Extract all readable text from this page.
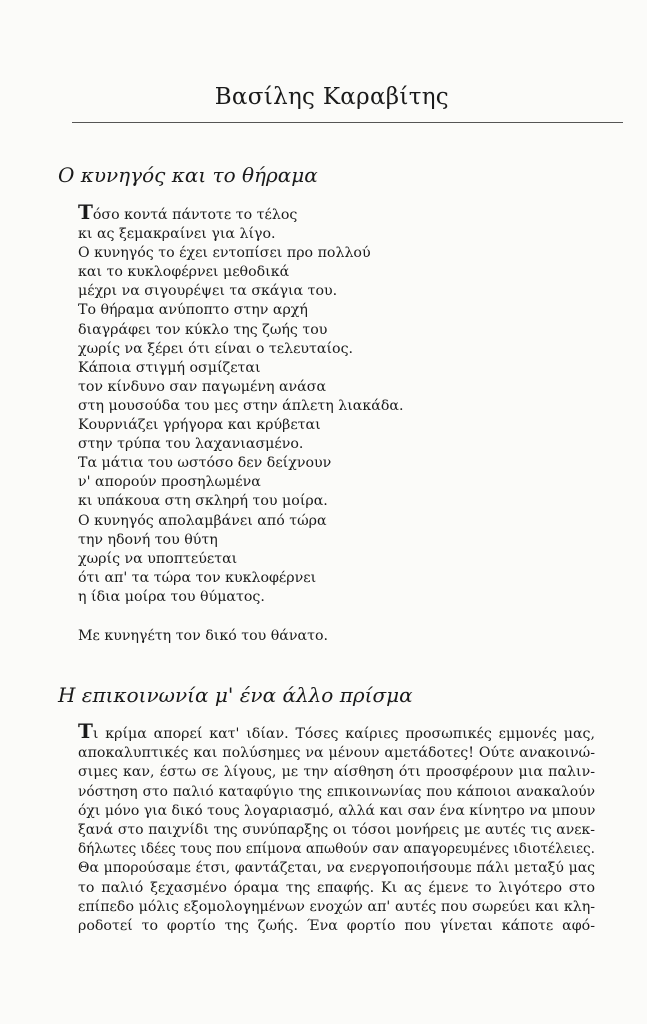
Βασίλης Καραβίτης
Ο κυνηγός και το θήραμα
Τόσο κοντά πάντοτε το τέλος
κι ας ξεμακραίνει για λίγο.
Ο κυνηγός το έχει εντοπίσει προ πολλού
και το κυκλοφέρνει μεθοδικά
μέχρι να σιγουρέψει τα σκάγια του.
Το θήραμα ανύποπτο στην αρχή
διαγράφει τον κύκλο της ζωής του
χωρίς να ξέρει ότι είναι ο τελευταίος.
Κάποια στιγμή οσμίζεται
τον κίνδυνο σαν παγωμένη ανάσα
στη μουσούδα του μες στην άπλετη λιακάδα.
Κουρνιάζει γρήγορα και κρύβεται
στην τρύπα του λαχανιασμένο.
Τα μάτια του ωστόσο δεν δείχνουν
ν' απορούν προσηλωμένα
κι υπάκουα στη σκληρή του μοίρα.
Ο κυνηγός απολαμβάνει από τώρα
την ηδονή του θύτη
χωρίς να υποπτεύεται
ότι απ' τα τώρα τον κυκλοφέρνει
η ίδια μοίρα του θύματος.
Με κυνηγέτη τον δικό του θάνατο.
Η επικοινωνία μ' ένα άλλο πρίσμα
Τι κρίμα απορεί κατ' ιδίαν. Τόσες καίριες προσωπικές εμμονές μας,
αποκαλυπτικές και πολύσημες να μένουν αμετάδοτες! Ούτε ανακοινώ-
σιμες καν, έστω σε λίγους, με την αίσθηση ότι προσφέρουν μια παλιν-
νόστηση στο παλιό καταφύγιο της επικοινωνίας που κάποιοι ανακαλούν
όχι μόνο για δικό τους λογαριασμό, αλλά και σαν ένα κίνητρο να μπουν
ξανά στο παιχνίδι της συνύπαρξης οι τόσοι μονήρεις με αυτές τις ανεκ-
δήλωτες ιδέες τους που επίμονα απωθούν σαν απαγορευμένες ιδιοτέλειες.
Θα μπορούσαμε έτσι, φαντάζεται, να ενεργοποιήσουμε πάλι μεταξύ μας
το παλιό ξεχασμένο όραμα της επαφής. Κι ας έμενε το λιγότερο στο
επίπεδο μόλις εξομολογημένων ενοχών απ' αυτές που σωρεύει και κλη-
ροδοτεί το φορτίο της ζωής. Ένα φορτίο που γίνεται κάποτε αφό-
